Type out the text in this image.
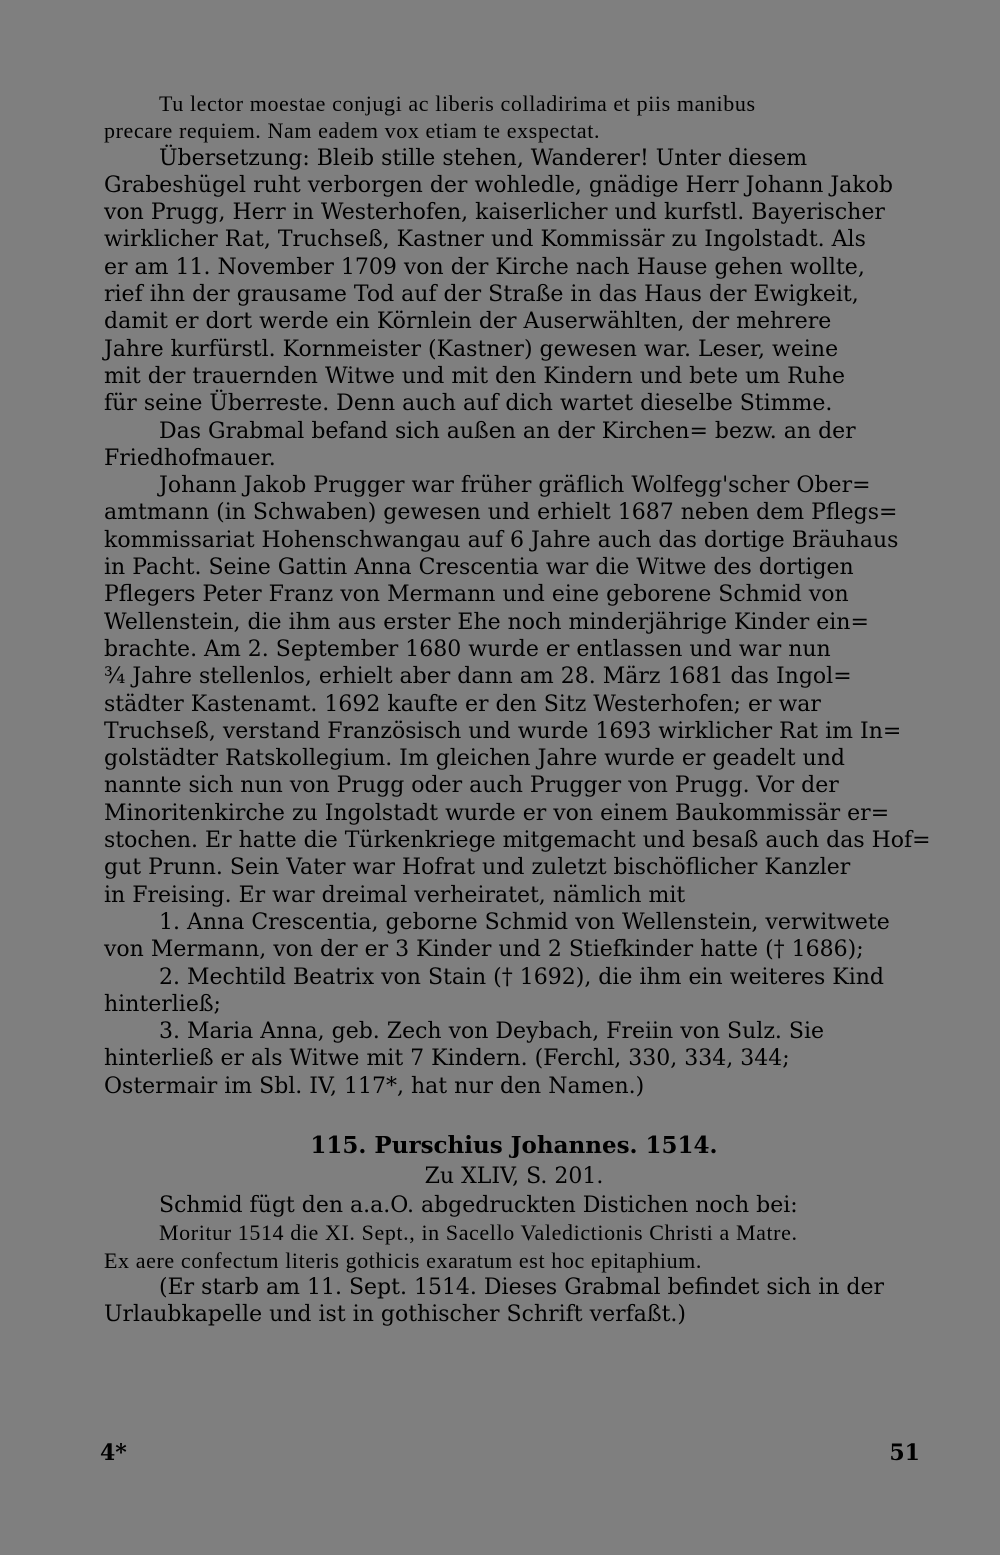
Tu lector moestae conjugi ac liberis colladirima et piis manibus
precare requiem. Nam eadem vox etiam te exspectat.
Übersetzung: Bleib stille stehen, Wanderer! Unter diesem
Grabeshügel ruht verborgen der wohledle, gnädige Herr Johann Jakob
von Prugg, Herr in Westerhofen, kaiserlicher und kurfstl. Bayerischer
wirklicher Rat, Truchseß, Kastner und Kommissär zu Ingolstadt. Als
er am 11. November 1709 von der Kirche nach Hause gehen wollte,
rief ihn der grausame Tod auf der Straße in das Haus der Ewigkeit,
damit er dort werde ein Körnlein der Auserwählten, der mehrere
Jahre kurfürstl. Kornmeister (Kastner) gewesen war. Leser, weine
mit der trauernden Witwe und mit den Kindern und bete um Ruhe
für seine Überreste. Denn auch auf dich wartet dieselbe Stimme.
Das Grabmal befand sich außen an der Kirchen= bezw. an der
Friedhofmauer.
Johann Jakob Prugger war früher gräflich Wolfegg'scher Ober=
amtmann (in Schwaben) gewesen und erhielt 1687 neben dem Pflegs=
kommissariat Hohenschwangau auf 6 Jahre auch das dortige Bräuhaus
in Pacht. Seine Gattin Anna Crescentia war die Witwe des dortigen
Pflegers Peter Franz von Mermann und eine geborene Schmid von
Wellenstein, die ihm aus erster Ehe noch minderjährige Kinder ein=
brachte. Am 2. September 1680 wurde er entlassen und war nun
¾ Jahre stellenlos, erhielt aber dann am 28. März 1681 das Ingol=
städter Kastenamt. 1692 kaufte er den Sitz Westerhofen; er war
Truchseß, verstand Französisch und wurde 1693 wirklicher Rat im In=
golstädter Ratskollegium. Im gleichen Jahre wurde er geadelt und
nannte sich nun von Prugg oder auch Prugger von Prugg. Vor der
Minoritenkirche zu Ingolstadt wurde er von einem Baukommissär er=
stochen. Er hatte die Türkenkriege mitgemacht und besaß auch das Hof=
gut Prunn. Sein Vater war Hofrat und zuletzt bischöflicher Kanzler
in Freising. Er war dreimal verheiratet, nämlich mit
1. Anna Crescentia, geborne Schmid von Wellenstein, verwitwete
von Mermann, von der er 3 Kinder und 2 Stiefkinder hatte († 1686);
2. Mechtild Beatrix von Stain († 1692), die ihm ein weiteres Kind
hinterließ;
3. Maria Anna, geb. Zech von Deybach, Freiin von Sulz. Sie
hinterließ er als Witwe mit 7 Kindern. (Ferchl, 330, 334, 344;
Ostermair im Sbl. IV, 117*, hat nur den Namen.)
115. Purschius Johannes. 1514.
Zu XLIV, S. 201.
Schmid fügt den a.a.O. abgedruckten Distichen noch bei:
Moritur 1514 die XI. Sept., in Sacello Valedictionis Christi a Matre.
Ex aere confectum literis gothicis exaratum est hoc epitaphium.
(Er starb am 11. Sept. 1514. Dieses Grabmal befindet sich in der
Urlaubkapelle und ist in gothischer Schrift verfaßt.)
4*	51
